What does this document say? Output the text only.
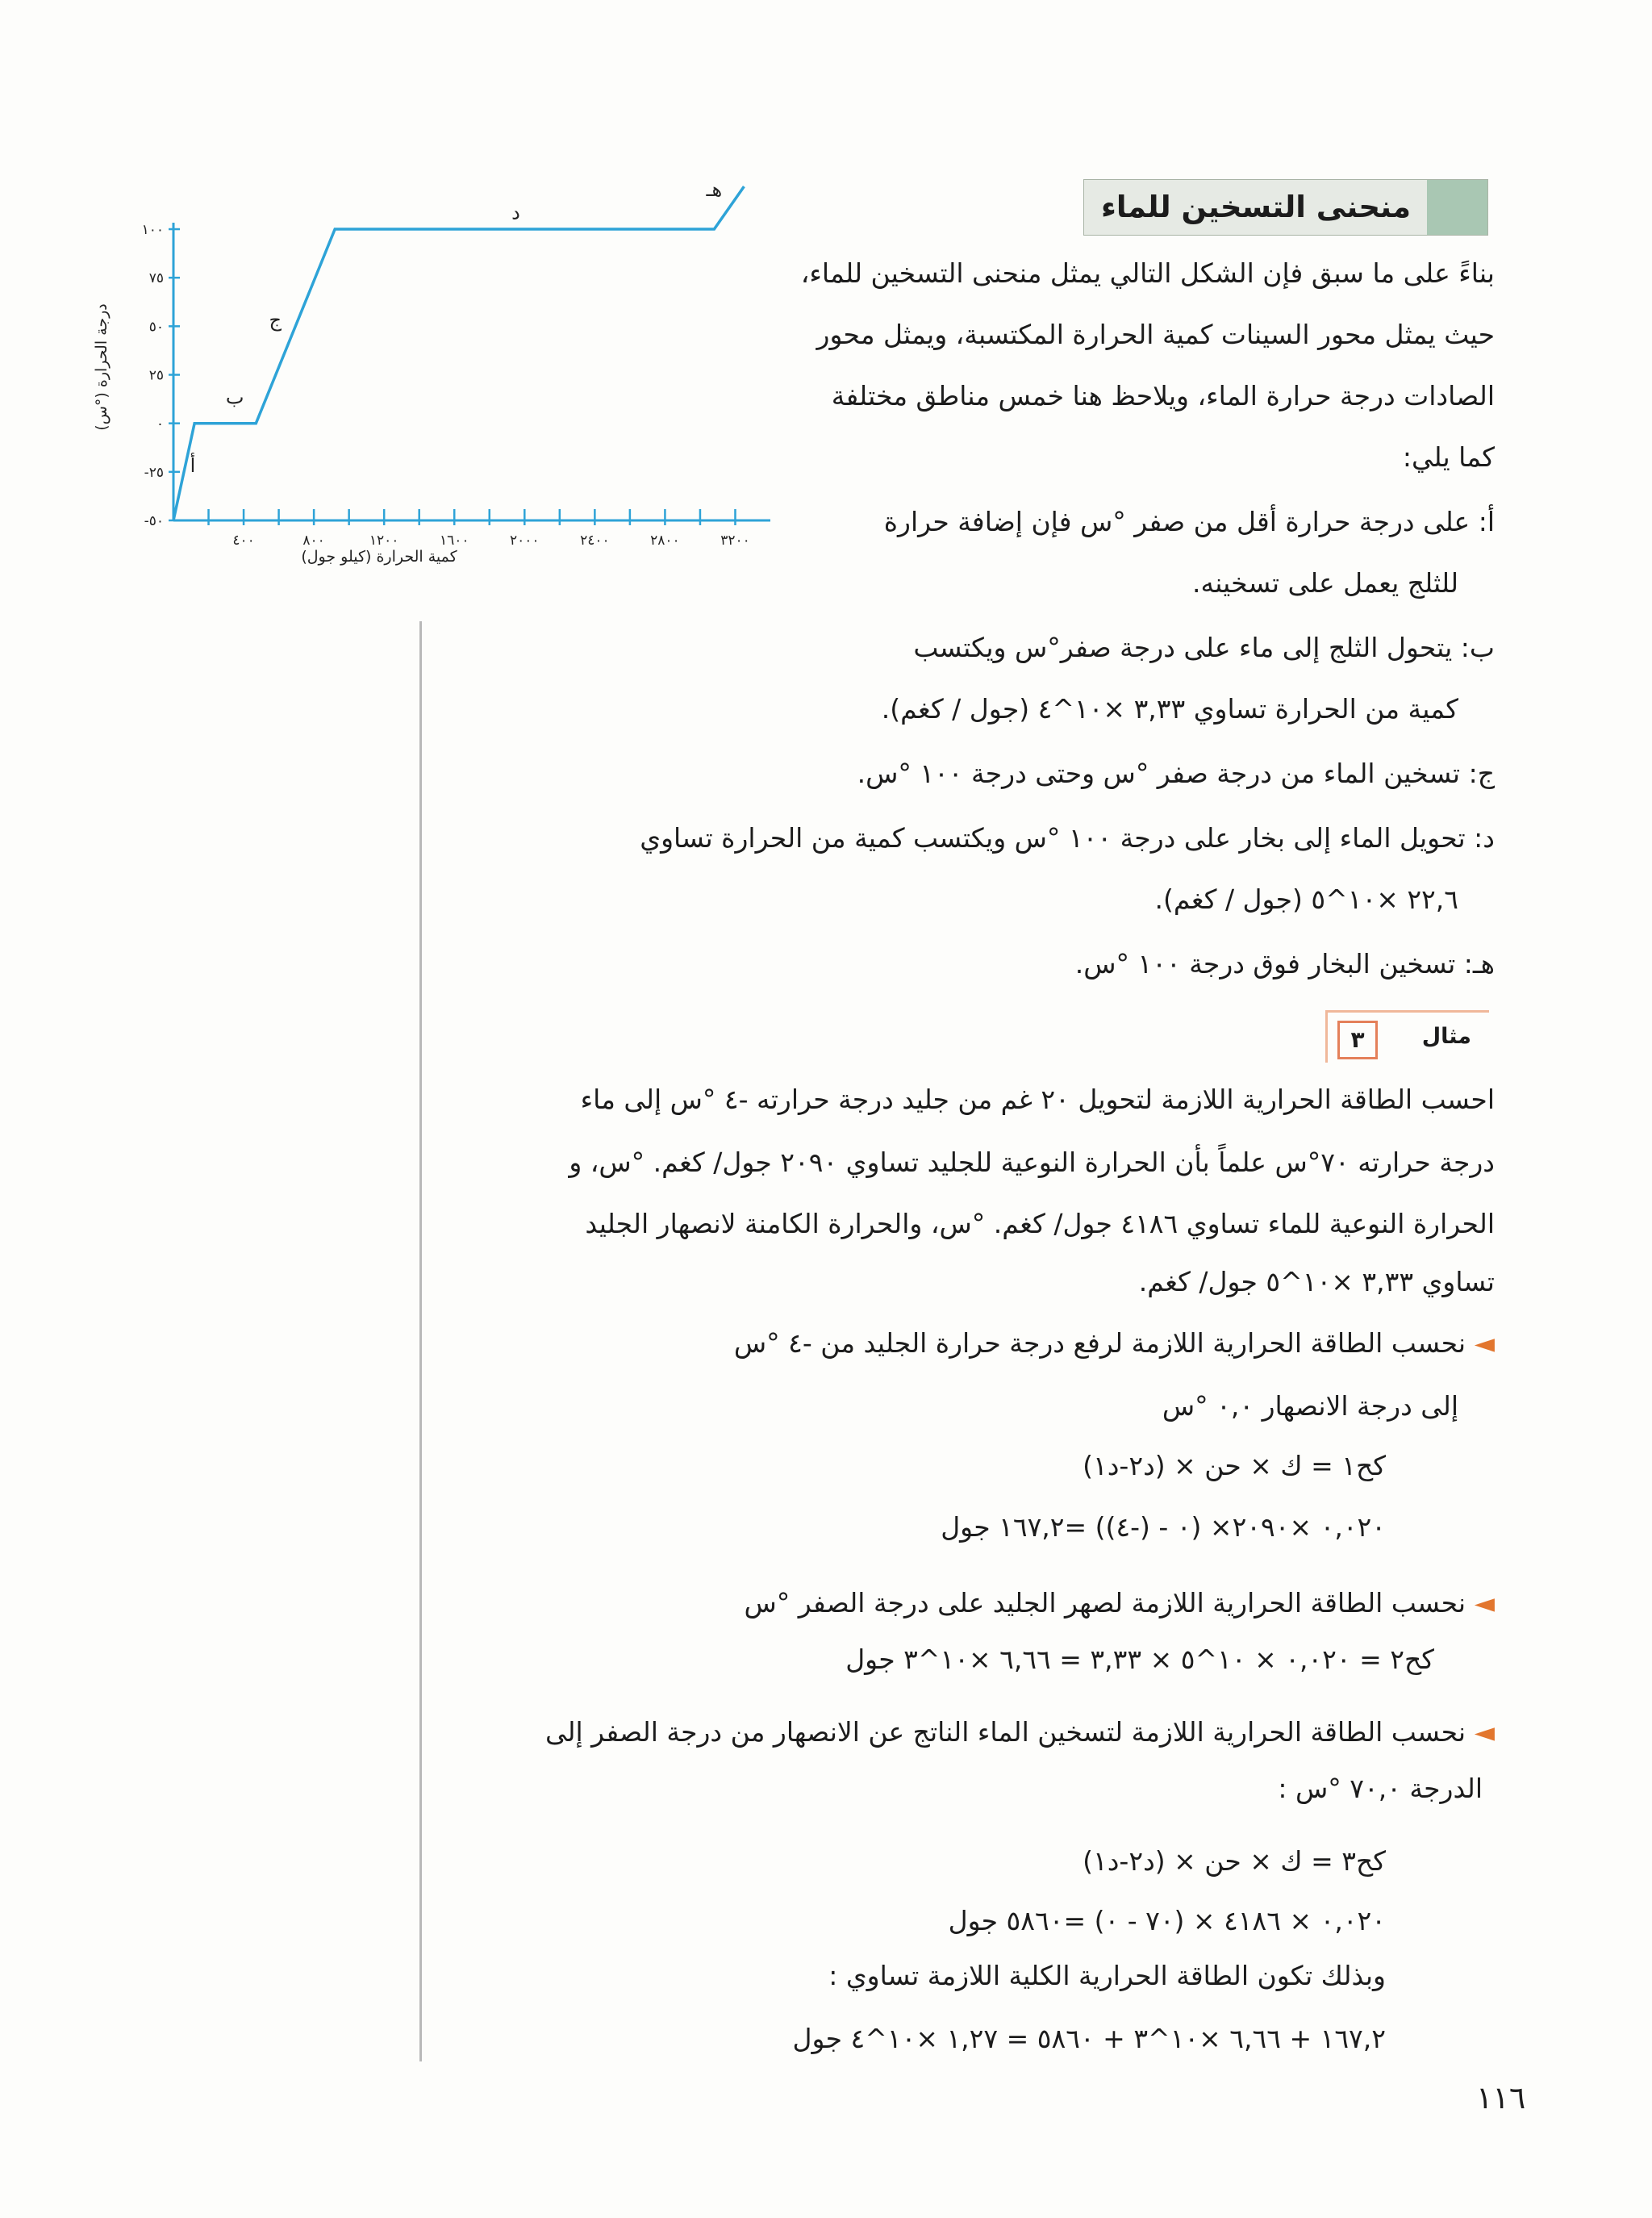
٤٠٠	٨٠٠	١٢٠٠	١٦٠٠	٢٠٠٠	٢٤٠٠	٢٨٠٠	٣٢٠٠
١٠٠
٧٥
٥٠
٢٥
٠
-٢٥
-٥٠
أ
ب
ج
د
هـ
درجة الحرارة (°س)
كمية الحرارة (كيلو جول)
منحنى التسخين للماء
بناءً على ما سبق فإن الشكل التالي يمثل منحنى التسخين للماء،
حيث يمثل محور السينات كمية الحرارة المكتسبة، ويمثل محور
الصادات درجة حرارة الماء، ويلاحظ هنا خمس مناطق مختلفة
كما يلي:
أ: على درجة حرارة أقل من صفر °س فإن إضافة حرارة
للثلج يعمل على تسخينه.
ب: يتحول الثلج إلى ماء على درجة صفر°س ويكتسب
كمية من الحرارة تساوي ٣,٣٣ ×١٠^٤ (جول / كغم).
ج: تسخين الماء من درجة صفر °س وحتى درجة ١٠٠ °س.
د: تحويل الماء إلى بخار على درجة ١٠٠ °س ويكتسب كمية من الحرارة تساوي
٢٢,٦ ×١٠^٥ (جول / كغم).
هـ: تسخين البخار فوق درجة ١٠٠ °س.
مثال
٣
احسب الطاقة الحرارية اللازمة لتحويل ٢٠ غم من جليد درجة حرارته -٤ °س إلى ماء
درجة حرارته ٧٠°س علماً بأن الحرارة النوعية للجليد تساوي ٢٠٩٠ جول/ كغم. °س، و
الحرارة النوعية للماء تساوي ٤١٨٦ جول/ كغم. °س، والحرارة الكامنة لانصهار الجليد
تساوي ٣,٣٣ ×١٠^٥ جول/ كغم.
◄ نحسب الطاقة الحرارية اللازمة لرفع درجة حرارة الجليد من -٤ °س
إلى درجة الانصهار ٠,٠ °س
كح١ = ك × حن × (د٢-د١)
٠,٠٢٠ ×٢٠٩٠× (٠ - (-٤)) =١٦٧,٢ جول
◄ نحسب الطاقة الحرارية اللازمة لصهر الجليد على درجة الصفر °س
كح٢ = ٠,٠٢٠ × ١٠^٥ × ٣,٣٣ = ٦,٦٦ ×١٠^٣ جول
◄ نحسب الطاقة الحرارية اللازمة لتسخين الماء الناتج عن الانصهار من درجة الصفر إلى
الدرجة ٧٠,٠ °س :
كح٣ = ك × حن × (د٢-د١)
٠,٠٢٠ × ٤١٨٦ × (٧٠ - ٠) =٥٨٦٠ جول
وبذلك تكون الطاقة الحرارية الكلية اللازمة تساوي :
١٦٧,٢ + ٦,٦٦ ×١٠^٣ + ٥٨٦٠ = ١,٢٧ ×١٠^٤ جول
١١٦
